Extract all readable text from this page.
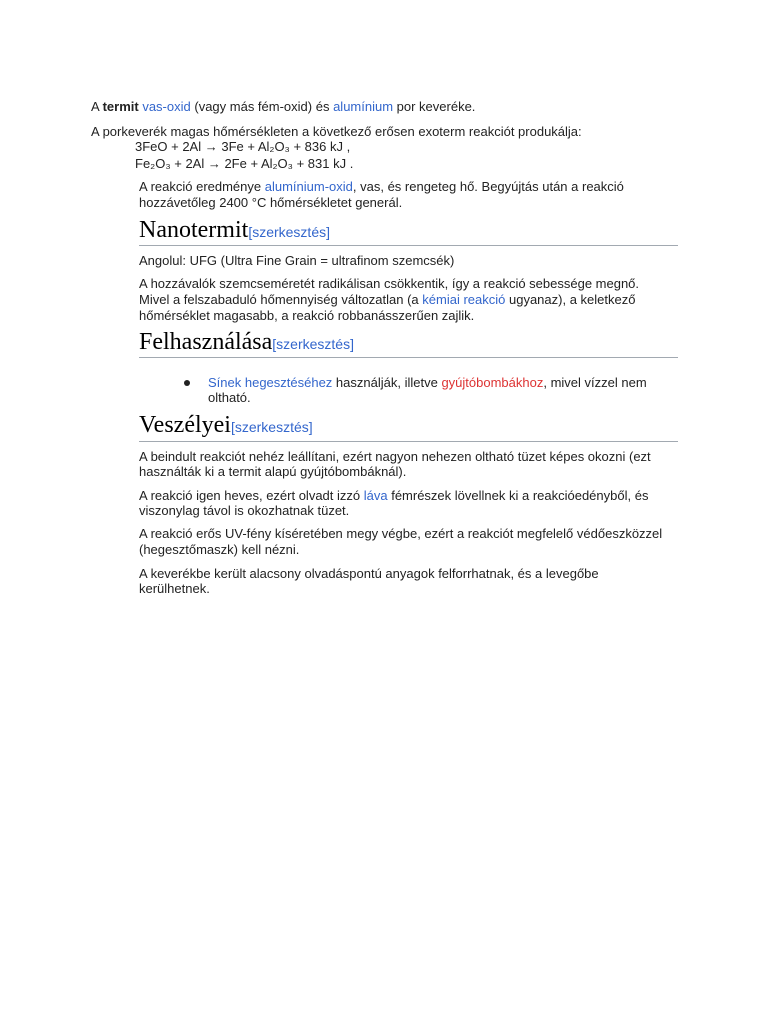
A termit vas-oxid (vagy más fém-oxid) és alumínium por keveréke.
A porkeverék magas hőmérsékleten a következő erősen exoterm reakciót produkálja:
3FeO + 2Al → 3Fe + Al₂O₃ + 836 kJ ,
Fe₂O₃ + 2Al → 2Fe + Al₂O₃ + 831 kJ .
A reakció eredménye alumínium-oxid, vas, és rengeteg hő. Begyújtás után a reakció
hozzávetőleg 2400 °C hőmérsékletet generál.
Nanotermit[szerkesztés]
Angolul: UFG (Ultra Fine Grain = ultrafinom szemcsék)
A hozzávalók szemcseméretét radikálisan csökkentik, így a reakció sebessége megnő.
Mivel a felszabaduló hőmennyiség változatlan (a kémiai reakció ugyanaz), a keletkező
hőmérséklet magasabb, a reakció robbanásszerűen zajlik.
Felhasználása[szerkesztés]
Sínek hegesztéséhez használják, illetve gyújtóbombákhoz, mivel vízzel nem
oltható.
Veszélyei[szerkesztés]
A beindult reakciót nehéz leállítani, ezért nagyon nehezen oltható tüzet képes okozni (ezt
használták ki a termit alapú gyújtóbombáknál).
A reakció igen heves, ezért olvadt izzó láva fémrészek lövellnek ki a reakcióedényből, és
viszonylag távol is okozhatnak tüzet.
A reakció erős UV-fény kíséretében megy végbe, ezért a reakciót megfelelő védőeszközzel
(hegesztőmaszk) kell nézni.
A keverékbe került alacsony olvadáspontú anyagok felforrhatnak, és a levegőbe
kerülhetnek.
